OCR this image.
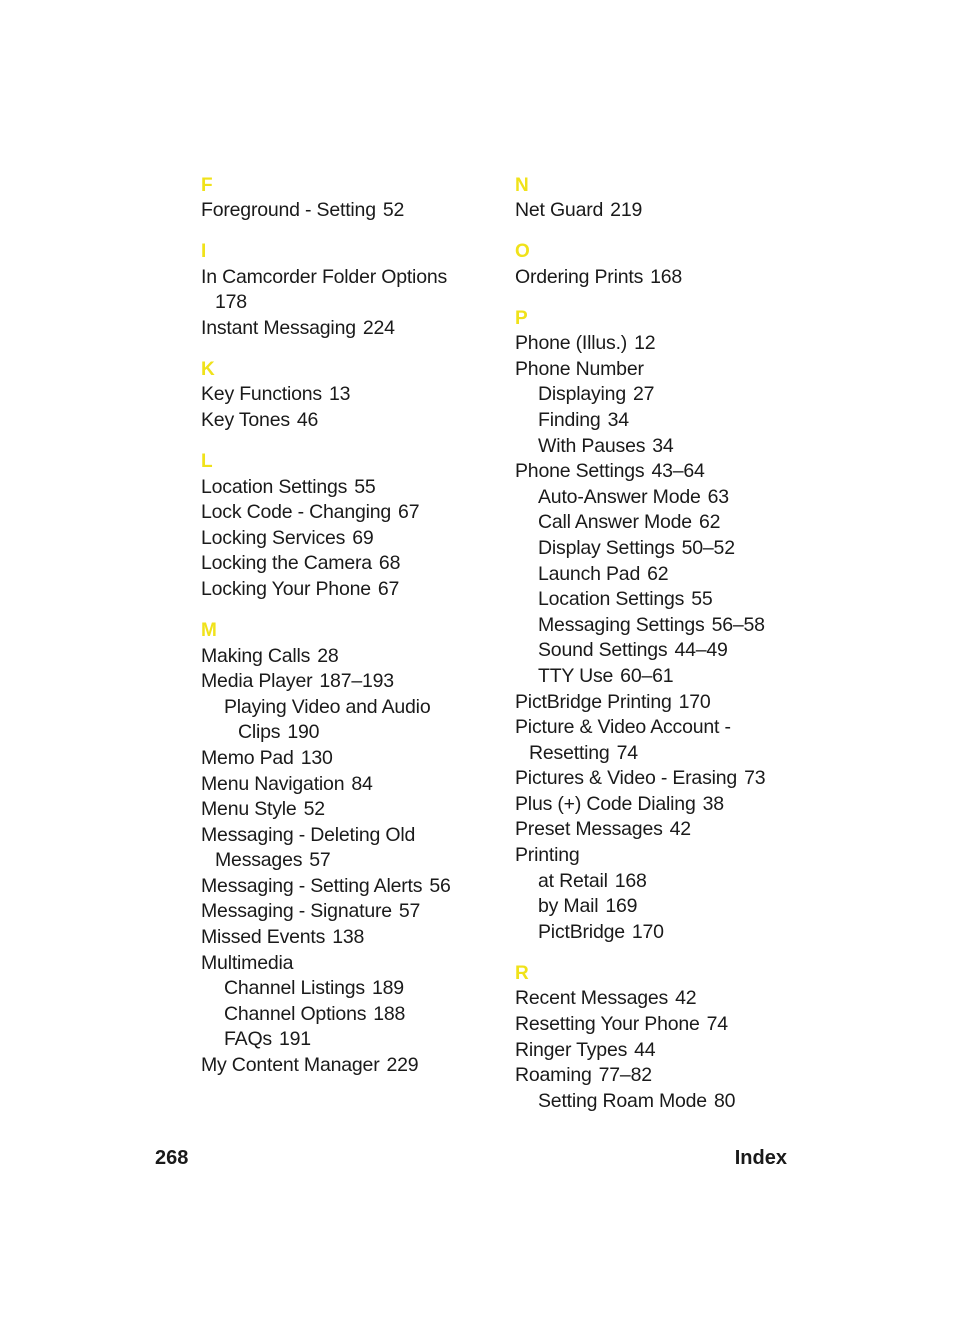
F
Foreground - Setting 52
I
In Camcorder Folder Options
178
Instant Messaging 224
K
Key Functions 13
Key Tones 46
L
Location Settings 55
Lock Code - Changing 67
Locking Services 69
Locking the Camera 68
Locking Your Phone 67
M
Making Calls 28
Media Player 187–193
Playing Video and Audio
Clips 190
Memo Pad 130
Menu Navigation 84
Menu Style 52
Messaging - Deleting Old
Messages 57
Messaging - Setting Alerts 56
Messaging - Signature 57
Missed Events 138
Multimedia
Channel Listings 189
Channel Options 188
FAQs 191
My Content Manager 229
N
Net Guard 219
O
Ordering Prints 168
P
Phone (Illus.) 12
Phone Number
Displaying 27
Finding 34
With Pauses 34
Phone Settings 43–64
Auto-Answer Mode 63
Call Answer Mode 62
Display Settings 50–52
Launch Pad 62
Location Settings 55
Messaging Settings 56–58
Sound Settings 44–49
TTY Use 60–61
PictBridge Printing 170
Picture & Video Account -
Resetting 74
Pictures & Video - Erasing 73
Plus (+) Code Dialing 38
Preset Messages 42
Printing
at Retail 168
by Mail 169
PictBridge 170
R
Recent Messages 42
Resetting Your Phone 74
Ringer Types 44
Roaming 77–82
Setting Roam Mode 80
268	Index
